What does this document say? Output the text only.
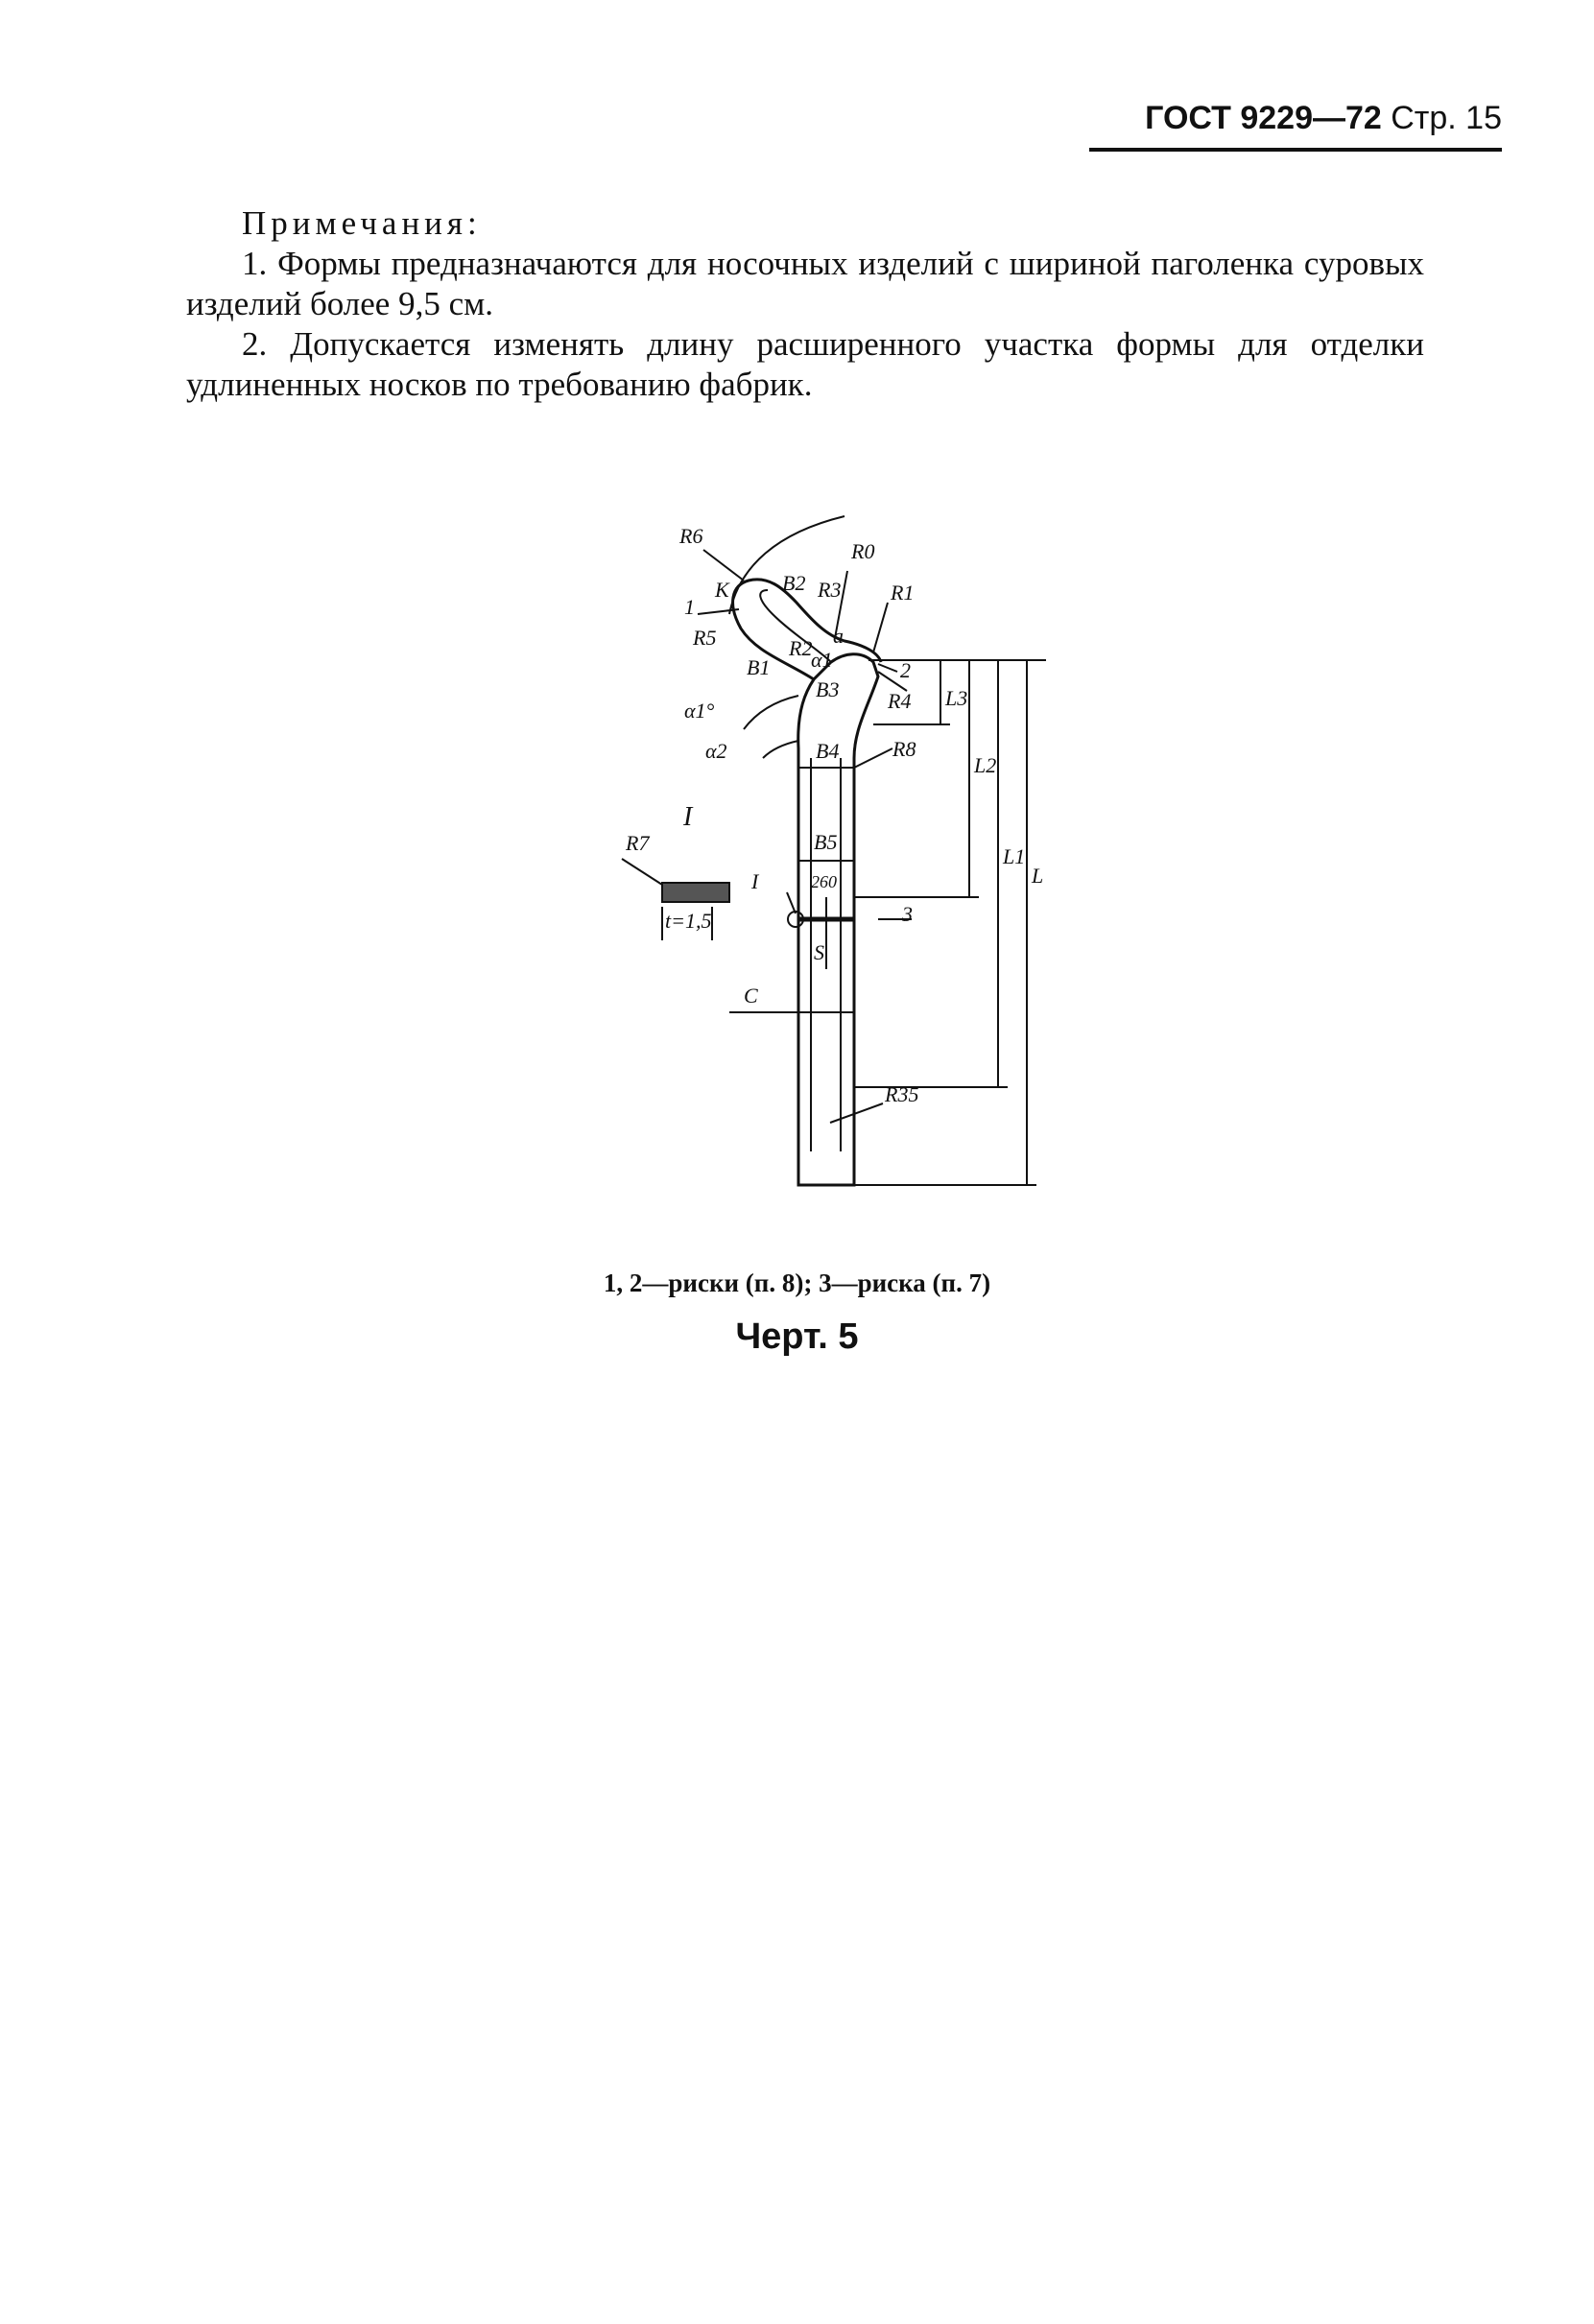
ГОСТ 9229—72 Стр. 15
Примечания:

1. Формы предназначаются для носочных изделий с шириной паголенка суровых изделий более 9,5 см.

2. Допускается изменять длину расширенного участка формы для отделки удлиненных носков по требованию фабрик.

R6
R0
R1
R3
B2
K
1
R5	R2
a
α1
B1
B3
2
R4
α1°
α2	B4	R8
B5
260
I
3
S
C
R35
I
R7
t=1,5
L3
L2
L1
L
1, 2—риски (п. 8); 3—риска (п. 7)
Черт. 5
